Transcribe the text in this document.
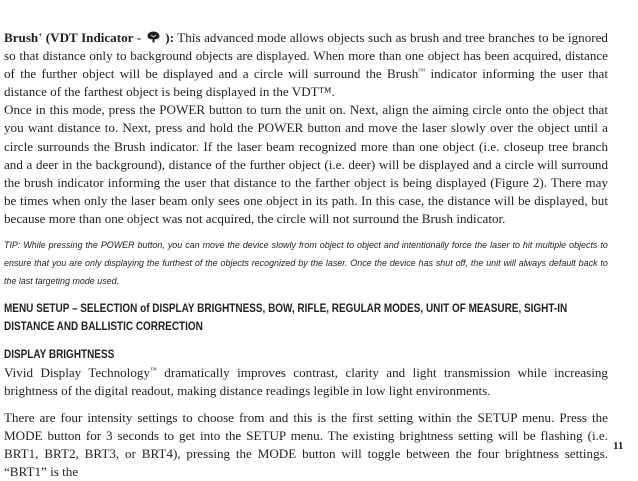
Brush+ (VDT Indicator - ): This advanced mode allows objects such as brush and tree branches to be ignored so that distance only to background objects are displayed. When more than one object has been acquired, distance of the further object will be displayed and a circle will surround the Brush™ indicator informing the user that distance of the farthest object is being displayed in the VDT™.
Once in this mode, press the POWER button to turn the unit on. Next, align the aiming circle onto the object that you want distance to. Next, press and hold the POWER button and move the laser slowly over the object until a circle surrounds the Brush indicator. If the laser beam recognized more than one object (i.e. closeup tree branch and a deer in the background), distance of the further object (i.e. deer) will be displayed and a circle will surround the brush indicator informing the user that distance to the farther object is being displayed (Figure 2). There may be times when only the laser beam only sees one object in its path. In this case, the distance will be displayed, but because more than one object was not acquired, the circle will not surround the Brush indicator.

TIP: While pressing the POWER button, you can move the device slowly from object to object and intentionally force the laser to hit multiple objects to ensure that you are only displaying the furthest of the objects recognized by the laser. Once the device has shut off, the unit will always default back to the last targeting mode used.

MENU SETUP – SELECTION of DISPLAY BRIGHTNESS, BOW, RIFLE, REGULAR MODES, UNIT OF MEASURE, SIGHT-IN DISTANCE AND BALLISTIC CORRECTION

DISPLAY BRIGHTNESS

Vivid Display Technology™ dramatically improves contrast, clarity and light transmission while increasing brightness of the digital readout, making distance readings legible in low light environments.

There are four intensity settings to choose from and this is the first setting within the SETUP menu. Press the MODE button for 3 seconds to get into the SETUP menu. The existing brightness setting will be flashing (i.e. BRT1, BRT2, BRT3, or BRT4), pressing the MODE button will toggle between the four brightness settings. “BRT1” is the

11
